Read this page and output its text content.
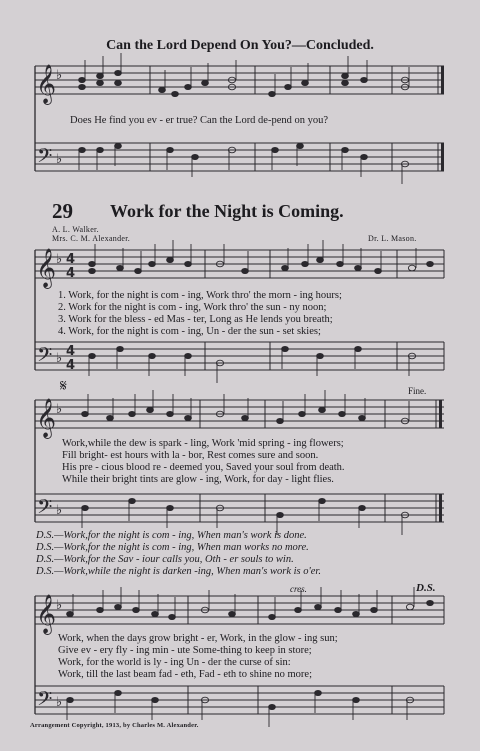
𝄞
𝄢
𝄞
𝄢
𝄞
𝄢
𝄞
𝄢
♭
♭
♭
♭
♭
♭
♭
♭
4
4
4
4
Can the Lord Depend On You?—Concluded.
Does He find you ev - er true? Can the Lord de-pend on you?
29 Work for the Night is Coming.
A. L. Walker.
Mrs. C. M. Alexander.	Dr. L. Mason.
1. Work, for the night is com - ing, Work thro' the morn - ing hours;
2. Work for the night is com - ing, Work thro' the sun - ny noon;
3. Work for the bless - ed Mas - ter, Long as He lends you breath;
4. Work, for the night is com - ing, Un - der the sun - set skies;
𝄋	Fine.
Work,while the dew is spark - ling, Work 'mid spring - ing flowers;
Fill bright- est hours with la - bor, Rest comes sure and soon.
His pre - cious blood re - deemed you, Saved your soul from death.
While their bright tints are glow - ing, Work, for day - light flies.
D.S.—Work,for the night is com - ing, When man's work is done.
D.S.—Work,for the night is com - ing, When man works no more.
D.S.—Work,for the Sav - iour calls you, Oth - er souls to win.
D.S.—Work,while the night is darken -ing, When man's work is o'er.
cres.	D.S.
Work, when the days grow bright - er, Work, in the glow - ing sun;
Give ev - ery fly - ing min - ute Some-thing to keep in store;
Work, for the world is ly - ing Un - der the curse of sin:
Work, till the last beam fad - eth, Fad - eth to shine no more;
Arrangement Copyright, 1913, by Charles M. Alexander.
